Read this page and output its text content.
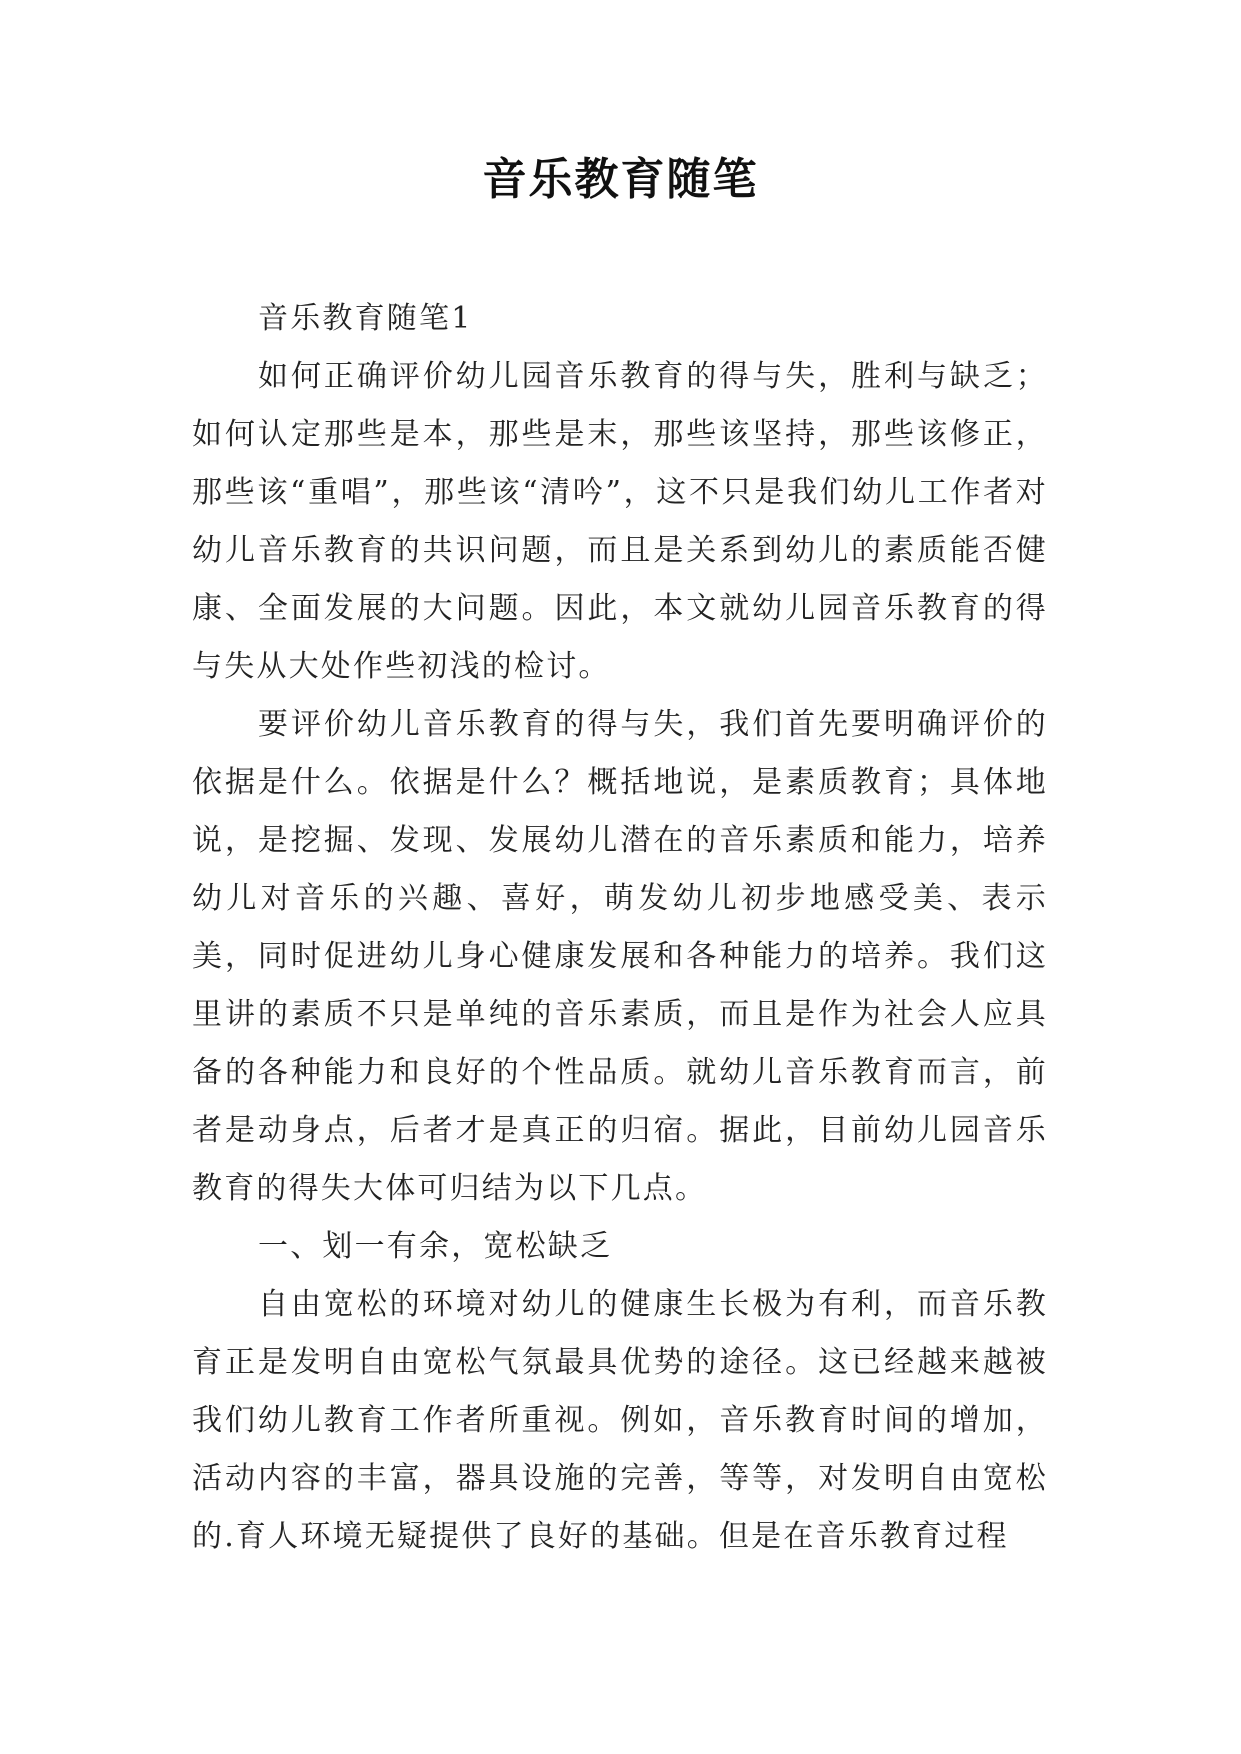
音乐教育随笔

音乐教育随笔1

如何正确评价幼儿园音乐教育的得与失，胜利与缺乏；如何认定那些是本，那些是末，那些该坚持，那些该修正，那些该“重唱”，那些该“清吟”，这不只是我们幼儿工作者对幼儿音乐教育的共识问题，而且是关系到幼儿的素质能否健康、全面发展的大问题。因此，本文就幼儿园音乐教育的得与失从大处作些初浅的检讨。

要评价幼儿音乐教育的得与失，我们首先要明确评价的依据是什么。依据是什么？概括地说，是素质教育；具体地说，是挖掘、发现、发展幼儿潜在的音乐素质和能力，培养幼儿对音乐的兴趣、喜好，萌发幼儿初步地感受美、表示美，同时促进幼儿身心健康发展和各种能力的培养。我们这里讲的素质不只是单纯的音乐素质，而且是作为社会人应具备的各种能力和良好的个性品质。就幼儿音乐教育而言，前者是动身点，后者才是真正的归宿。据此，目前幼儿园音乐教育的得失大体可归结为以下几点。

一、划一有余，宽松缺乏

自由宽松的环境对幼儿的健康生长极为有利，而音乐教育正是发明自由宽松气氛最具优势的途径。这已经越来越被我们幼儿教育工作者所重视。例如，音乐教育时间的增加，活动内容的丰富，器具设施的完善，等等，对发明自由宽松的.育人环境无疑提供了良好的基础。但是在音乐教育过程
